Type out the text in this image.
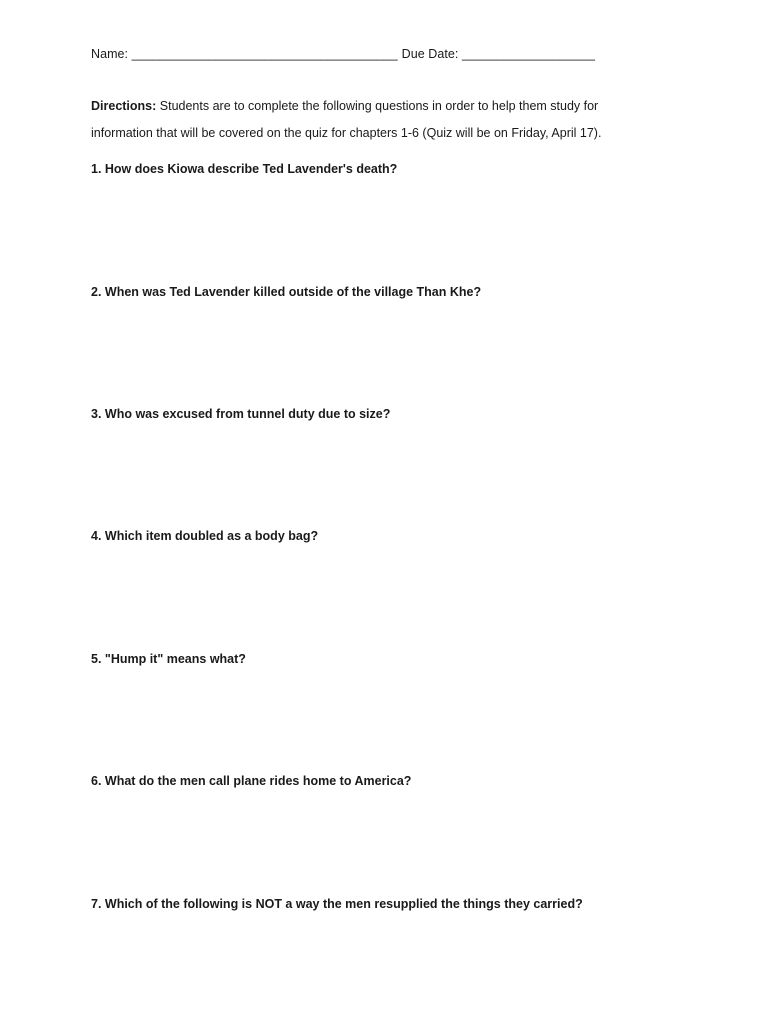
Name: ______________________________________ Due Date: ___________________
Directions: Students are to complete the following questions in order to help them study for
information that will be covered on the quiz for chapters 1-6 (Quiz will be on Friday, April 17).
1. How does Kiowa describe Ted Lavender's death?
2. When was Ted Lavender killed outside of the village Than Khe?
3. Who was excused from tunnel duty due to size?
4. Which item doubled as a body bag?
5. "Hump it" means what?
6. What do the men call plane rides home to America?
7. Which of the following is NOT a way the men resupplied the things they carried?
